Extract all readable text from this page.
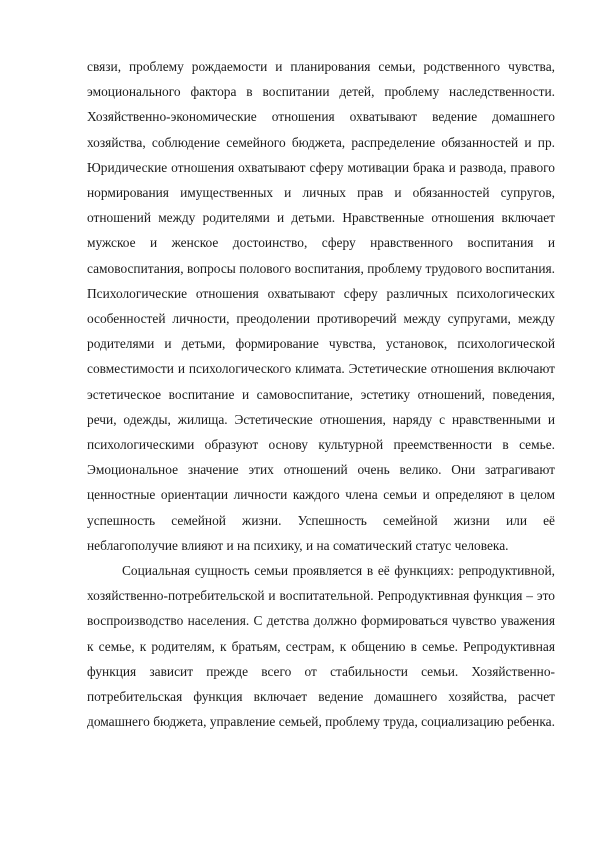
связи, проблему рождаемости и планирования семьи, родственного чувства, эмоционального фактора в воспитании детей, проблему наследственности. Хозяйственно-экономические отношения охватывают ведение домашнего хозяйства, соблюдение семейного бюджета, распределение обязанностей и пр. Юридические отношения охватывают сферу мотивации брака и развода, правого нормирования имущественных и личных прав и обязанностей супругов, отношений между родителями и детьми. Нравственные отношения включает мужское и женское достоинство, сферу нравственного воспитания и самовоспитания, вопросы полового воспитания, проблему трудового воспитания. Психологические отношения охватывают сферу различных психологических особенностей личности, преодолении противоречий между супругами, между родителями и детьми, формирование чувства, установок, психологической совместимости и психологического климата. Эстетические отношения включают эстетическое воспитание и самовоспитание, эстетику отношений, поведения, речи, одежды, жилища. Эстетические отношения, наряду с нравственными и психологическими образуют основу культурной преемственности в семье. Эмоциональное значение этих отношений очень велико. Они затрагивают ценностные ориентации личности каждого члена семьи и определяют в целом успешность семейной жизни. Успешность семейной жизни или её неблагополучие влияют и на психику, и на соматический статус человека.

Социальная сущность семьи проявляется в её функциях: репродуктивной, хозяйственно-потребительской и воспитательной. Репродуктивная функция – это воспроизводство населения. С детства должно формироваться чувство уважения к семье, к родителям, к братьям, сестрам, к общению в семье. Репродуктивная функция зависит прежде всего от стабильности семьи. Хозяйственно-потребительская функция включает ведение домашнего хозяйства, расчет домашнего бюджета, управление семьей, проблему труда, социализацию ребенка.
